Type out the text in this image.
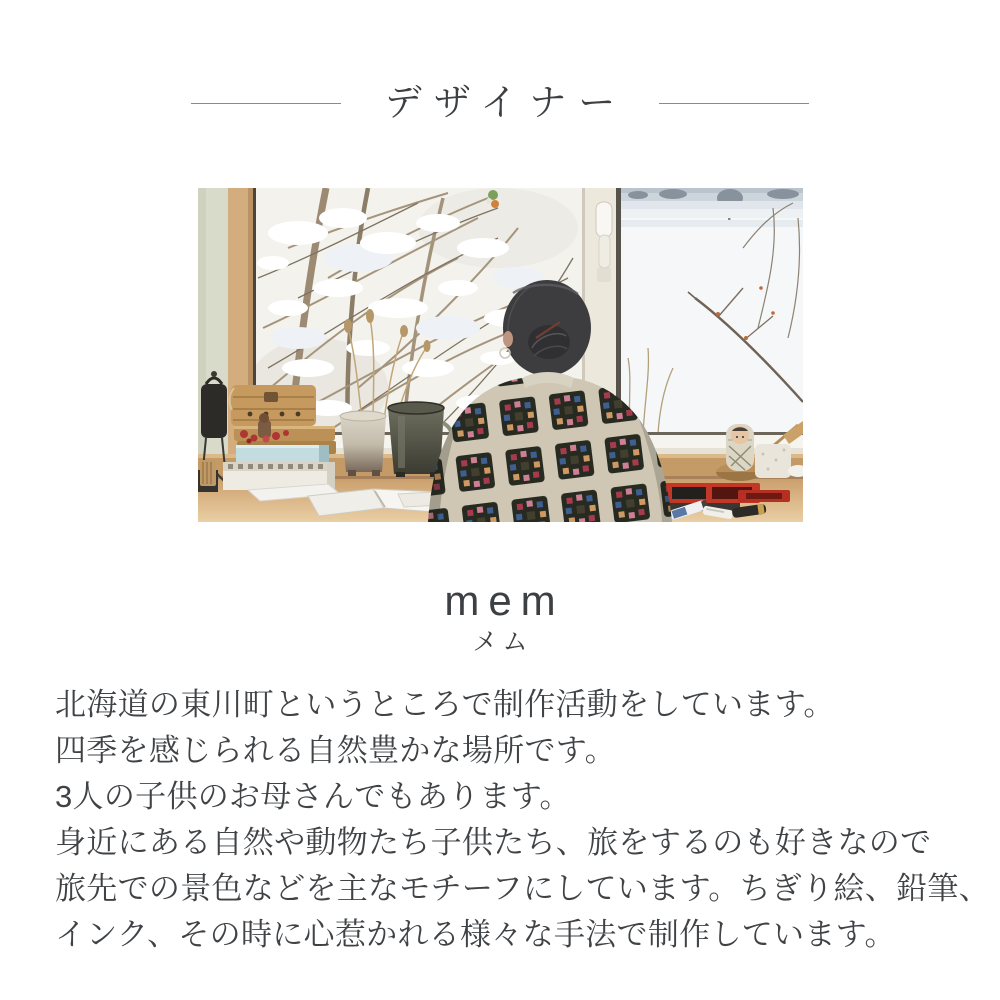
デザイナー
mem
メム

北海道の東川町というところで制作活動をしています。

四季を感じられる自然豊かな場所です。

3人の子供のお母さんでもあります。

身近にある自然や動物たち子供たち、旅をするのも好きなので

旅先での景色などを主なモチーフにしています。ちぎり絵、鉛筆、

インク、その時に心惹かれる様々な手法で制作しています。
